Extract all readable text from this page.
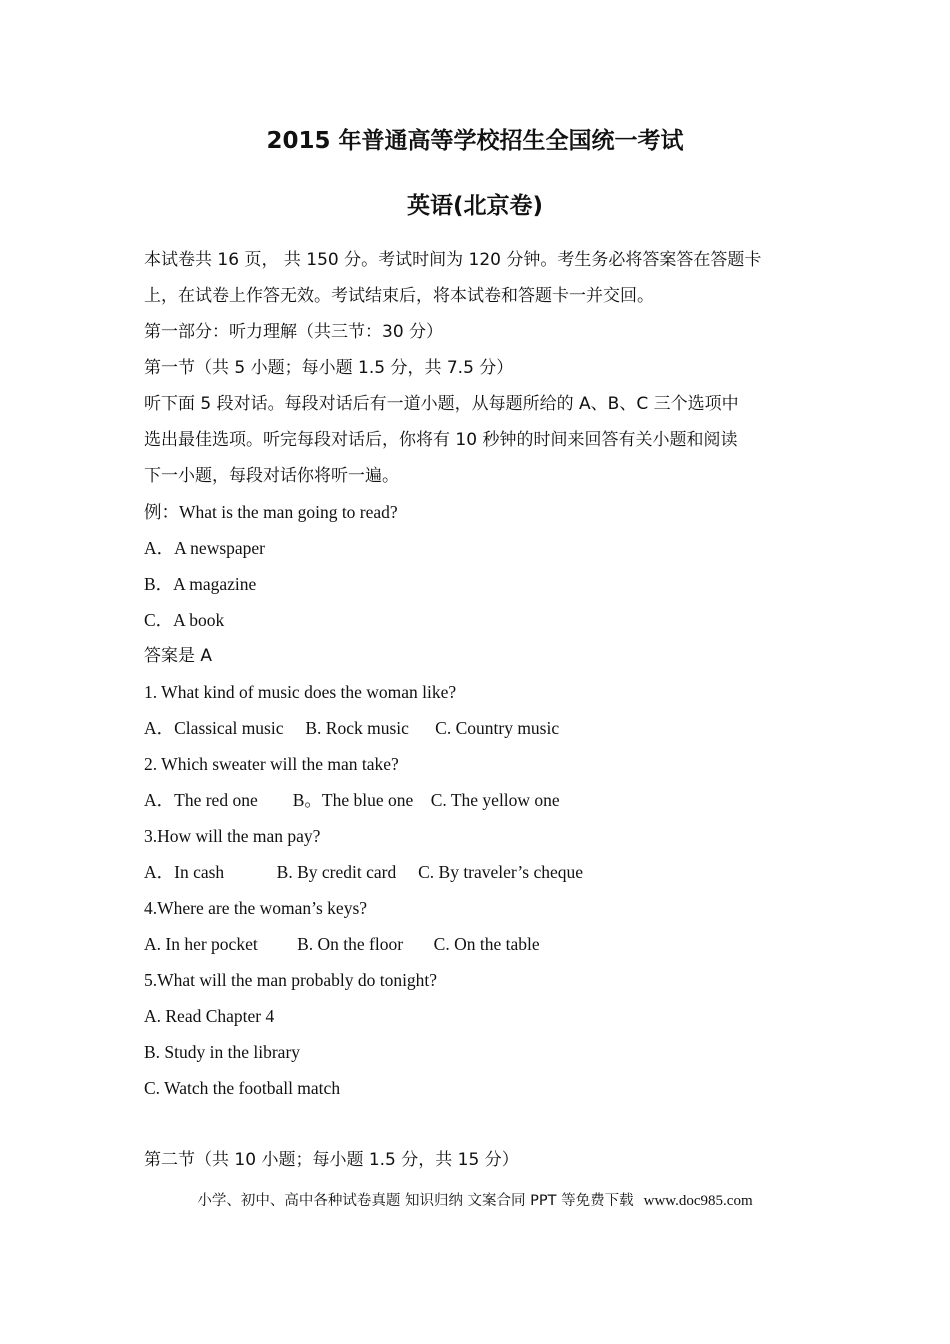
2015 年普通高等学校招生全国统一考试
英语(北京卷)
本试卷共 16 页， 共 150 分。考试时间为 120 分钟。考生务必将答案答在答题卡
上，在试卷上作答无效。考试结束后，将本试卷和答题卡一并交回。
第一部分：听力理解（共三节：30 分）
第一节（共 5 小题；每小题 1.5 分，共 7.5 分）
听下面 5 段对话。每段对话后有一道小题，从每题所给的 A、B、C 三个选项中
选出最佳选项。听完每段对话后，你将有 10 秒钟的时间来回答有关小题和阅读
下一小题，每段对话你将听一遍。
例：What is the man going to read?
A．A newspaper
B．A magazine
C．A book
答案是 A
1. What kind of music does the woman like?
A．Classical music     B. Rock music      C. Country music
2. Which sweater will the man take?
A．The red one        B。The blue one    C. The yellow one
3.How will the man pay?
A．In cash            B. By credit card     C. By traveler’s cheque
4.Where are the woman’s keys?
A. In her pocket         B. On the floor       C. On the table
5.What will the man probably do tonight?
A. Read Chapter 4
B. Study in the library
C. Watch the football match
第二节（共 10 小题；每小题 1.5 分，共 15 分）
小学、初中、高中各种试卷真题 知识归纳 文案合同 PPT 等免费下载 www.doc985.com
